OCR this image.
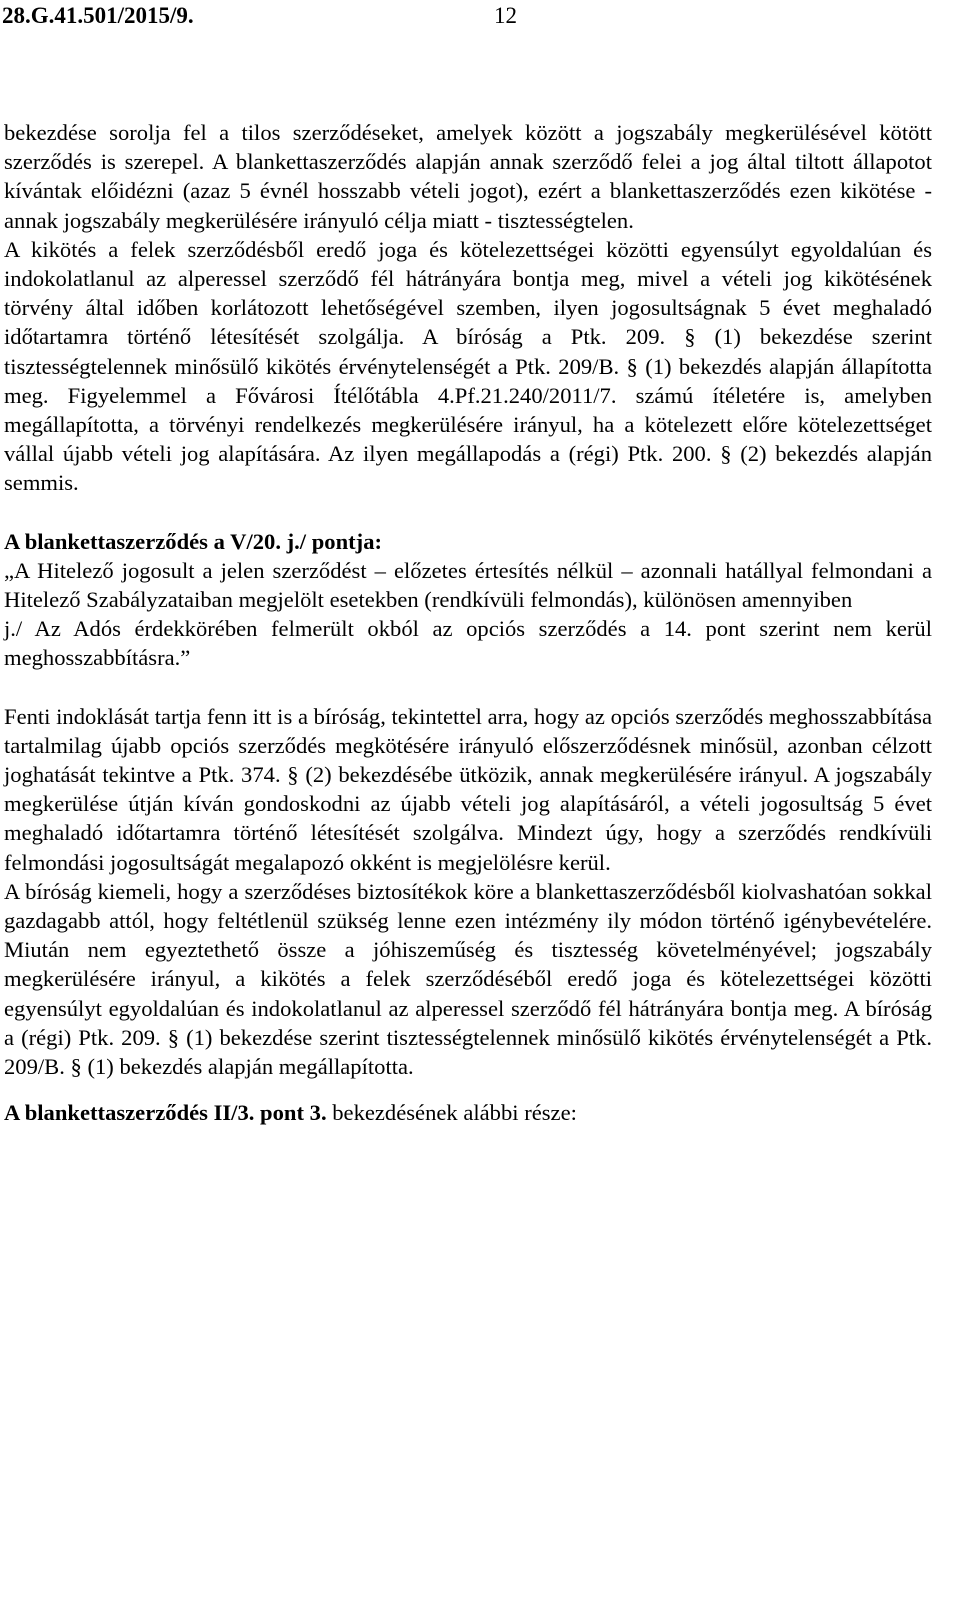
28.G.41.501/2015/9.	12

bekezdése sorolja fel a tilos szerződéseket, amelyek között a jogszabály megkerülésével kötött szerződés is szerepel. A blankettaszerződés alapján annak szerződő felei a jog által tiltott állapotot kívántak előidézni (azaz 5 évnél hosszabb vételi jogot), ezért a blankettaszerződés ezen kikötése - annak jogszabály megkerülésére irányuló célja miatt - tisztességtelen.

A kikötés a felek szerződésből eredő joga és kötelezettségei közötti egyensúlyt egyoldalúan és indokolatlanul az alperessel szerződő fél hátrányára bontja meg, mivel a vételi jog kikötésének törvény által időben korlátozott lehetőségével szemben, ilyen jogosultságnak 5 évet meghaladó időtartamra történő létesítését szolgálja. A bíróság a Ptk. 209. § (1) bekezdése szerint tisztességtelennek minősülő kikötés érvénytelenségét a Ptk. 209/B. § (1) bekezdés alapján állapította meg. Figyelemmel a Fővárosi Ítélőtábla 4.Pf.21.240/2011/7. számú ítéletére is, amelyben megállapította, a törvényi rendelkezés megkerülésére irányul, ha a kötelezett előre kötelezettséget vállal újabb vételi jog alapítására. Az ilyen megállapodás a (régi) Ptk. 200. § (2) bekezdés alapján semmis.

A blankettaszerződés a V/20. j./ pontja:

„A Hitelező jogosult a jelen szerződést – előzetes értesítés nélkül – azonnali hatállyal felmondani a Hitelező Szabályzataiban megjelölt esetekben (rendkívüli felmondás), különösen amennyiben

j./ Az Adós érdekkörében felmerült okból az opciós szerződés a 14. pont szerint nem kerül meghosszabbításra.”

Fenti indoklását tartja fenn itt is a bíróság, tekintettel arra, hogy az opciós szerződés meghosszabbítása tartalmilag újabb opciós szerződés megkötésére irányuló előszerződésnek minősül, azonban célzott joghatását tekintve a Ptk. 374. § (2) bekezdésébe ütközik, annak megkerülésére irányul. A jogszabály megkerülése útján kíván gondoskodni az újabb vételi jog alapításáról, a vételi jogosultság 5 évet meghaladó időtartamra történő létesítését szolgálva. Mindezt úgy, hogy a szerződés rendkívüli felmondási jogosultságát megalapozó okként is megjelölésre kerül.

A bíróság kiemeli, hogy a szerződéses biztosítékok köre a blankettaszerződésből kiolvashatóan sokkal gazdagabb attól, hogy feltétlenül szükség lenne ezen intézmény ily módon történő igénybevételére. Miután nem egyeztethető össze a jóhiszeműség és tisztesség követelményével; jogszabály megkerülésére irányul, a kikötés a felek szerződéséből eredő joga és kötelezettségei közötti egyensúlyt egyoldalúan és indokolatlanul az alperessel szerződő fél hátrányára bontja meg. A bíróság a (régi) Ptk. 209. § (1) bekezdése szerint tisztességtelennek minősülő kikötés érvénytelenségét a Ptk. 209/B. § (1) bekezdés alapján megállapította.

A blankettaszerződés II/3. pont 3. bekezdésének alábbi része:
